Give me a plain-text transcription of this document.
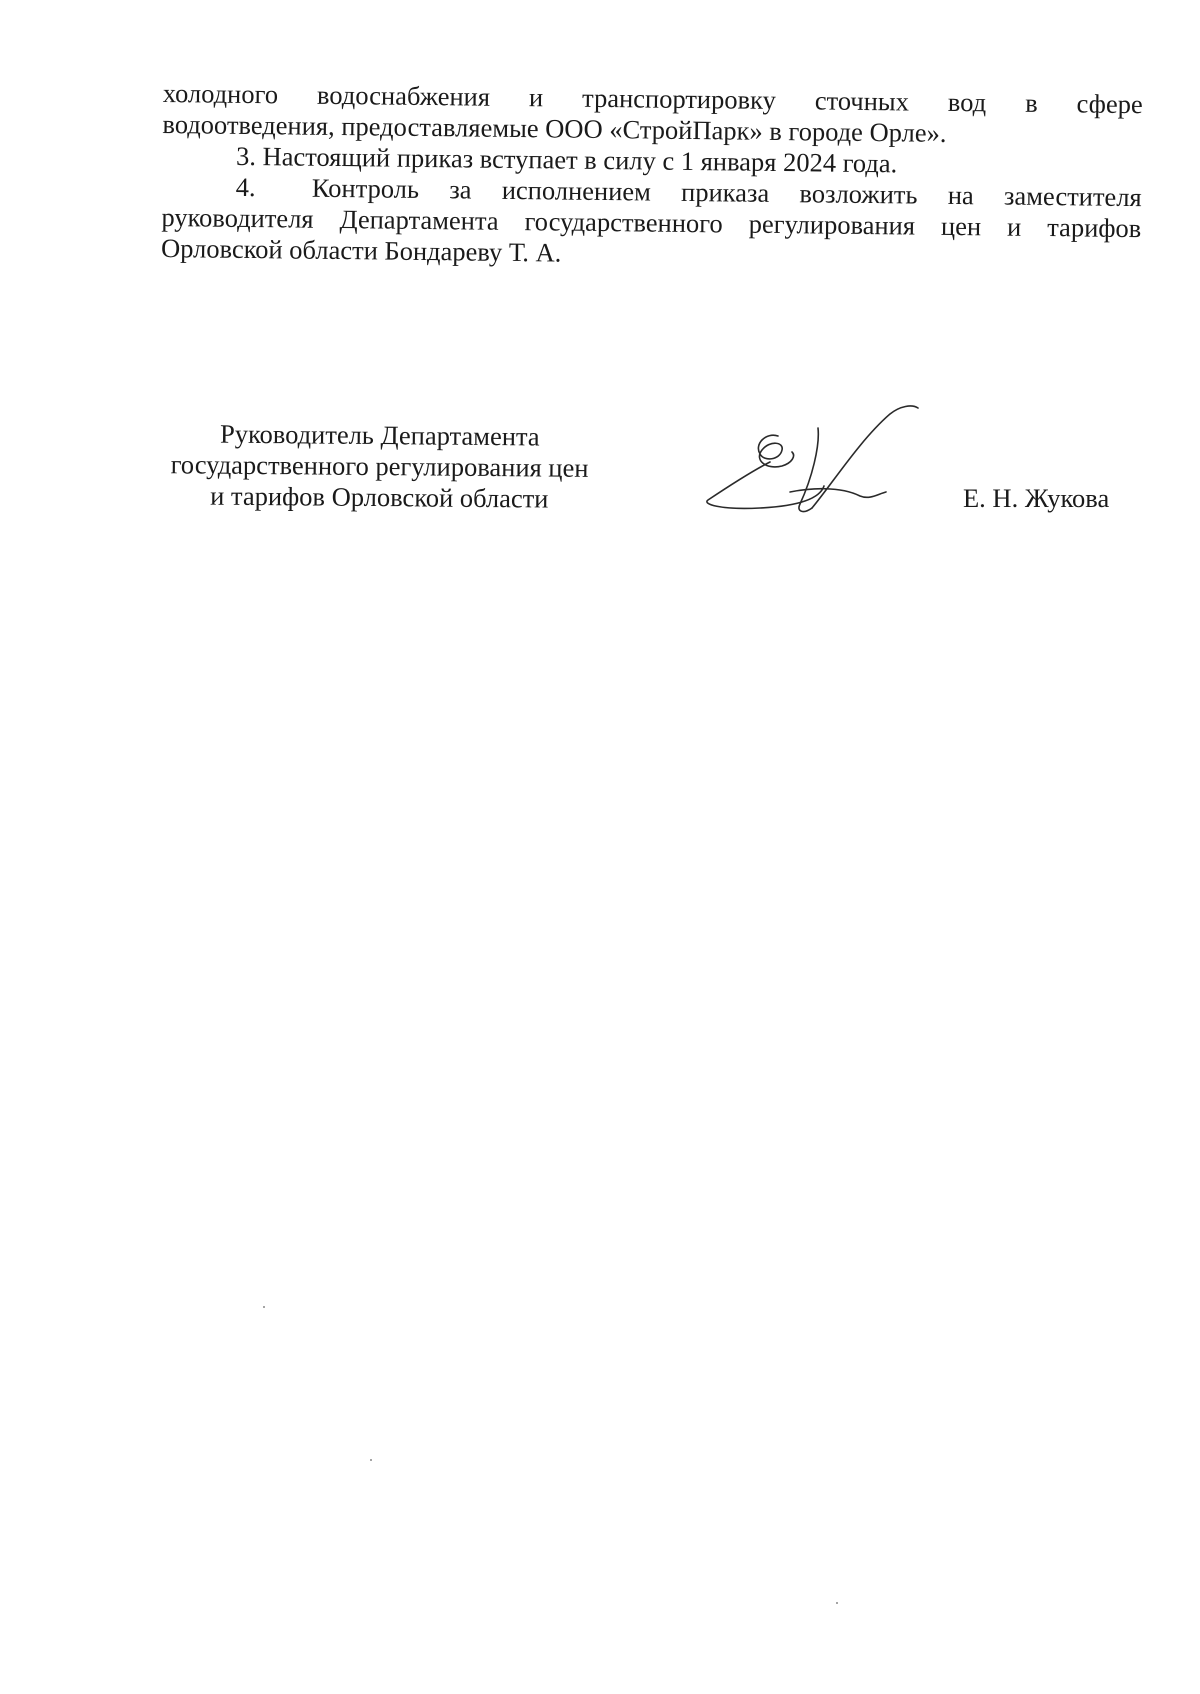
холодного водоснабжения и транспортировку сточных вод в сфере
водоотведения, предоставляемые ООО «СтройПарк» в городе Орле».
3. Настоящий приказ вступает в силу с 1 января 2024 года.
4. Контроль за исполнением приказа возложить на заместителя
руководителя Департамента государственного регулирования цен и тарифов
Орловской области Бондареву Т. А.
Руководитель Департамента
государственного регулирования цен
и тарифов Орловской области	Е. Н. Жукова
